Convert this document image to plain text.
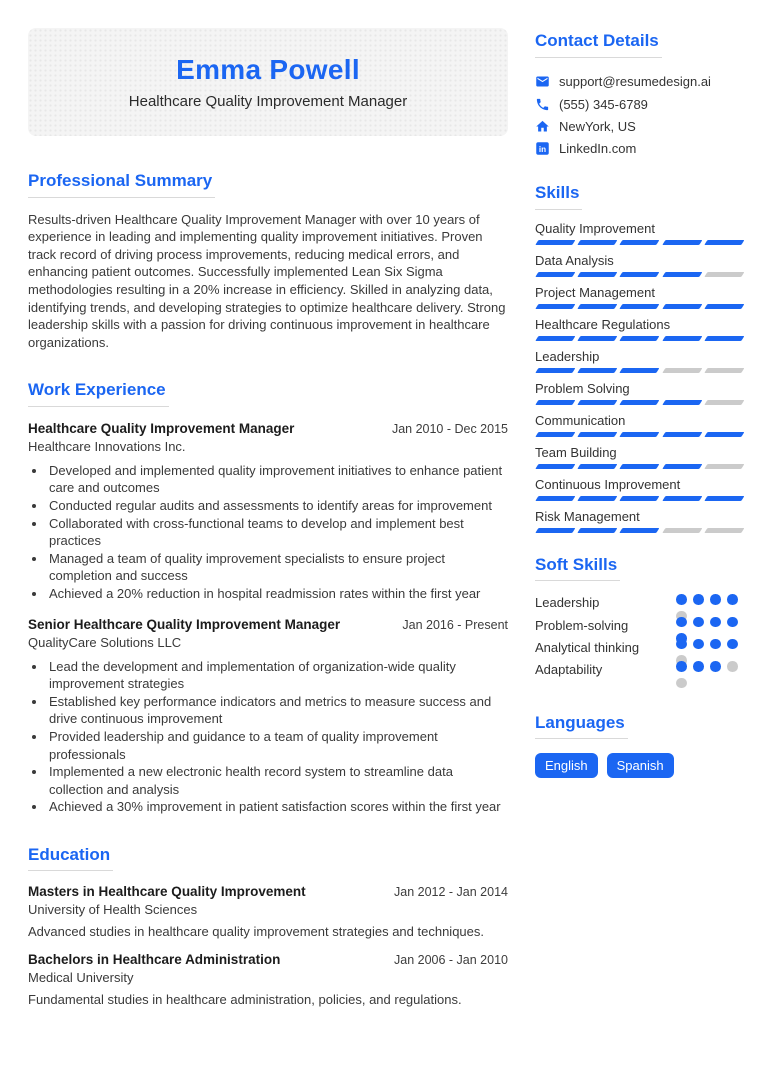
Emma Powell
Healthcare Quality Improvement Manager
Professional Summary

Results-driven Healthcare Quality Improvement Manager with over 10 years of experience in leading and implementing quality improvement initiatives. Proven track record of driving process improvements, reducing medical errors, and enhancing patient outcomes. Successfully implemented Lean Six Sigma methodologies resulting in a 20% increase in efficiency. Skilled in analyzing data, identifying trends, and developing strategies to optimize healthcare delivery. Strong leadership skills with a passion for driving continuous improvement in healthcare organizations.

Work Experience
Healthcare Quality Improvement Manager	Jan 2010 - Dec 2015
Healthcare Innovations Inc.
• Developed and implemented quality improvement initiatives to enhance patient care and outcomes
• Conducted regular audits and assessments to identify areas for improvement
• Collaborated with cross-functional teams to develop and implement best practices
• Managed a team of quality improvement specialists to ensure project completion and success
• Achieved a 20% reduction in hospital readmission rates within the first year
Senior Healthcare Quality Improvement Manager	Jan 2016 - Present
QualityCare Solutions LLC
• Lead the development and implementation of organization-wide quality improvement strategies
• Established key performance indicators and metrics to measure success and drive continuous improvement
• Provided leadership and guidance to a team of quality improvement professionals
• Implemented a new electronic health record system to streamline data collection and analysis
• Achieved a 30% improvement in patient satisfaction scores within the first year
Education
Masters in Healthcare Quality Improvement	Jan 2012 - Jan 2014
University of Health Sciences

Advanced studies in healthcare quality improvement strategies and techniques.

Bachelors in Healthcare Administration	Jan 2006 - Jan 2010
Medical University

Fundamental studies in healthcare administration, policies, and regulations.

Contact Details
support@resumedesign.ai
(555) 345-6789
NewYork, US
in LinkedIn.com
Skills
Quality Improvement
Data Analysis
Project Management
Healthcare Regulations
Leadership
Problem Solving
Communication
Team Building
Continuous Improvement
Risk Management
Soft Skills
Leadership
Problem-solving
Analytical thinking
Adaptability
Languages
English	Spanish
